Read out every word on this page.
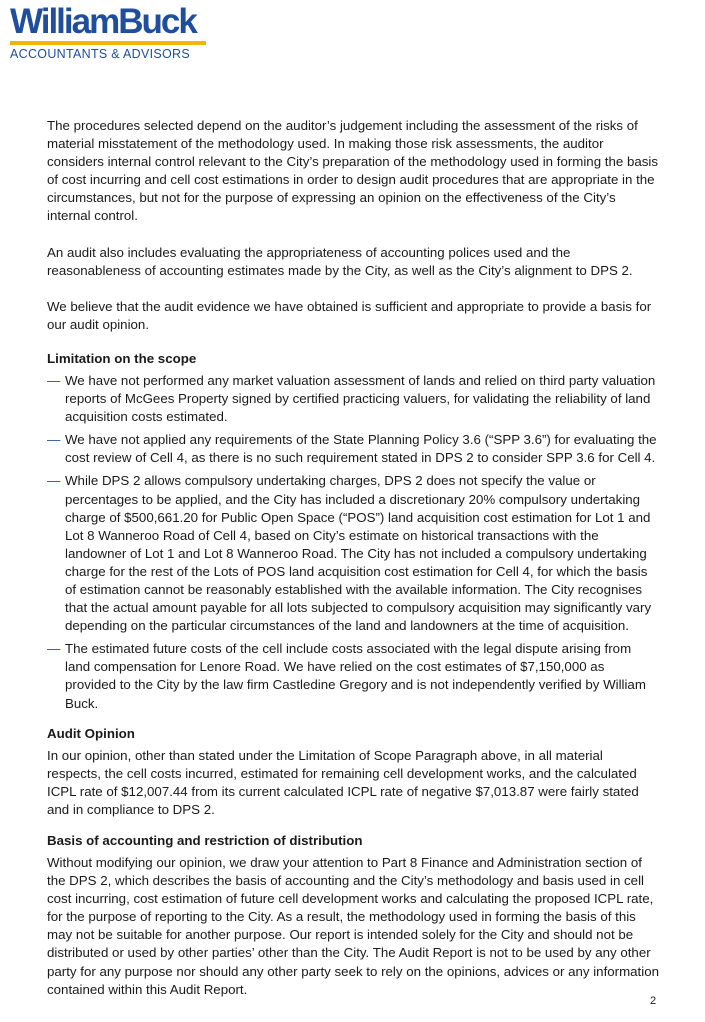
WilliamBuck
ACCOUNTANTS & ADVISORS

The procedures selected depend on the auditor’s judgement including the assessment of the risks of material misstatement of the methodology used. In making those risk assessments, the auditor considers internal control relevant to the City’s preparation of the methodology used in forming the basis of cost incurring and cell cost estimations in order to design audit procedures that are appropriate in the circumstances, but not for the purpose of expressing an opinion on the effectiveness of the City’s internal control.

An audit also includes evaluating the appropriateness of accounting polices used and the reasonableness of accounting estimates made by the City, as well as the City’s alignment to DPS 2.

We believe that the audit evidence we have obtained is sufficient and appropriate to provide a basis for our audit opinion.

Limitation on the scope
— We have not performed any market valuation assessment of lands and relied on third party valuation reports of McGees Property signed by certified practicing valuers, for validating the reliability of land acquisition costs estimated.
— We have not applied any requirements of the State Planning Policy 3.6 (“SPP 3.6”) for evaluating the cost review of Cell 4, as there is no such requirement stated in DPS 2 to consider SPP 3.6 for Cell 4.
— While DPS 2 allows compulsory undertaking charges, DPS 2 does not specify the value or percentages to be applied, and the City has included a discretionary 20% compulsory undertaking charge of $500,661.20 for Public Open Space (“POS”) land acquisition cost estimation for Lot 1 and Lot 8 Wanneroo Road of Cell 4, based on City’s estimate on historical transactions with the landowner of Lot 1 and Lot 8 Wanneroo Road. The City has not included a compulsory undertaking charge for the rest of the Lots of POS land acquisition cost estimation for Cell 4, for which the basis of estimation cannot be reasonably established with the available information. The City recognises that the actual amount payable for all lots subjected to compulsory acquisition may significantly vary depending on the particular circumstances of the land and landowners at the time of acquisition.
— The estimated future costs of the cell include costs associated with the legal dispute arising from land compensation for Lenore Road. We have relied on the cost estimates of $7,150,000 as provided to the City by the law firm Castledine Gregory and is not independently verified by William Buck.
Audit Opinion

In our opinion, other than stated under the Limitation of Scope Paragraph above, in all material respects, the cell costs incurred, estimated for remaining cell development works, and the calculated ICPL rate of $12,007.44 from its current calculated ICPL rate of negative $7,013.87 were fairly stated and in compliance to DPS 2.

Basis of accounting and restriction of distribution

Without modifying our opinion, we draw your attention to Part 8 Finance and Administration section of the DPS 2, which describes the basis of accounting and the City’s methodology and basis used in cell cost incurring, cost estimation of future cell development works and calculating the proposed ICPL rate, for the purpose of reporting to the City. As a result, the methodology used in forming the basis of this may not be suitable for another purpose. Our report is intended solely for the City and should not be distributed or used by other parties’ other than the City. The Audit Report is not to be used by any other party for any purpose nor should any other party seek to rely on the opinions, advices or any information contained within this Audit Report.

2
